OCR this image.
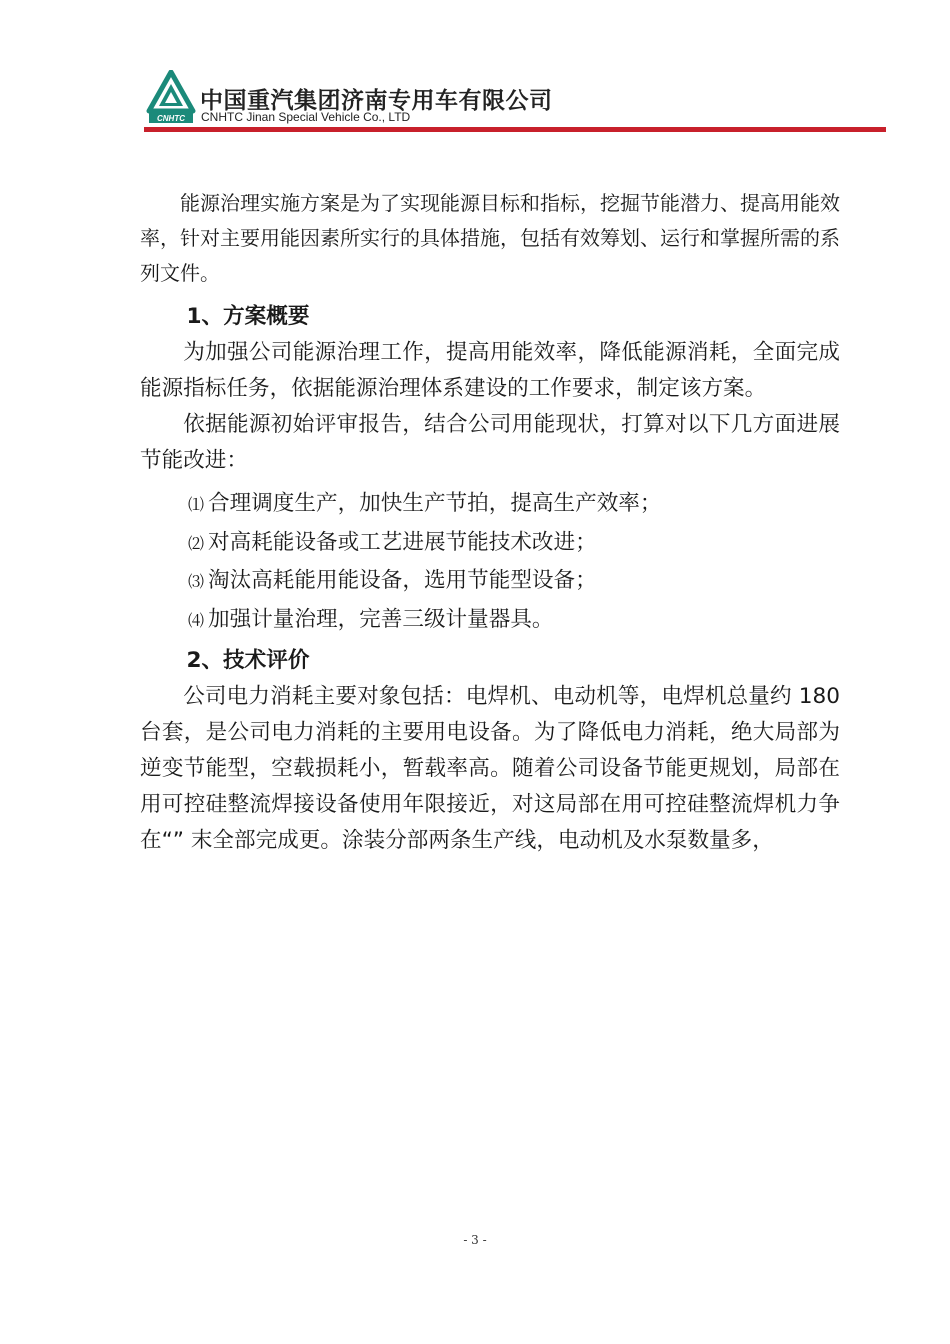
CNHTC
中国重汽集团济南专用车有限公司
CNHTC Jinan Special Vehicle Co., LTD

能源治理实施方案是为了实现能源目标和指标，挖掘节能潜力、提高用能效率，针对主要用能因素所实行的具体措施，包括有效筹划、运行和掌握所需的系列文件。

1、方案概要

为加强公司能源治理工作，提高用能效率，降低能源消耗，全面完成能源指标任务，依据能源治理体系建设的工作要求，制定该方案。

依据能源初始评审报告，结合公司用能现状，打算对以下几方面进展节能改进：

⑴ 合理调度生产，加快生产节拍，提高生产效率；
⑵ 对高耗能设备或工艺进展节能技术改进；
⑶ 淘汰高耗能用能设备，选用节能型设备；
⑷ 加强计量治理，完善三级计量器具。

2、技术评价

公司电力消耗主要对象包括：电焊机、电动机等，电焊机总量约 180 台套，是公司电力消耗的主要用电设备。为了降低电力消耗，绝大局部为逆变节能型，空载损耗小，暂载率高。随着公司设备节能更规划，局部在用可控硅整流焊接设备使用年限接近，对这局部在用可控硅整流焊机力争在“” 末全部完成更。涂装分部两条生产线，电动机及水泵数量多，

- 3 -
